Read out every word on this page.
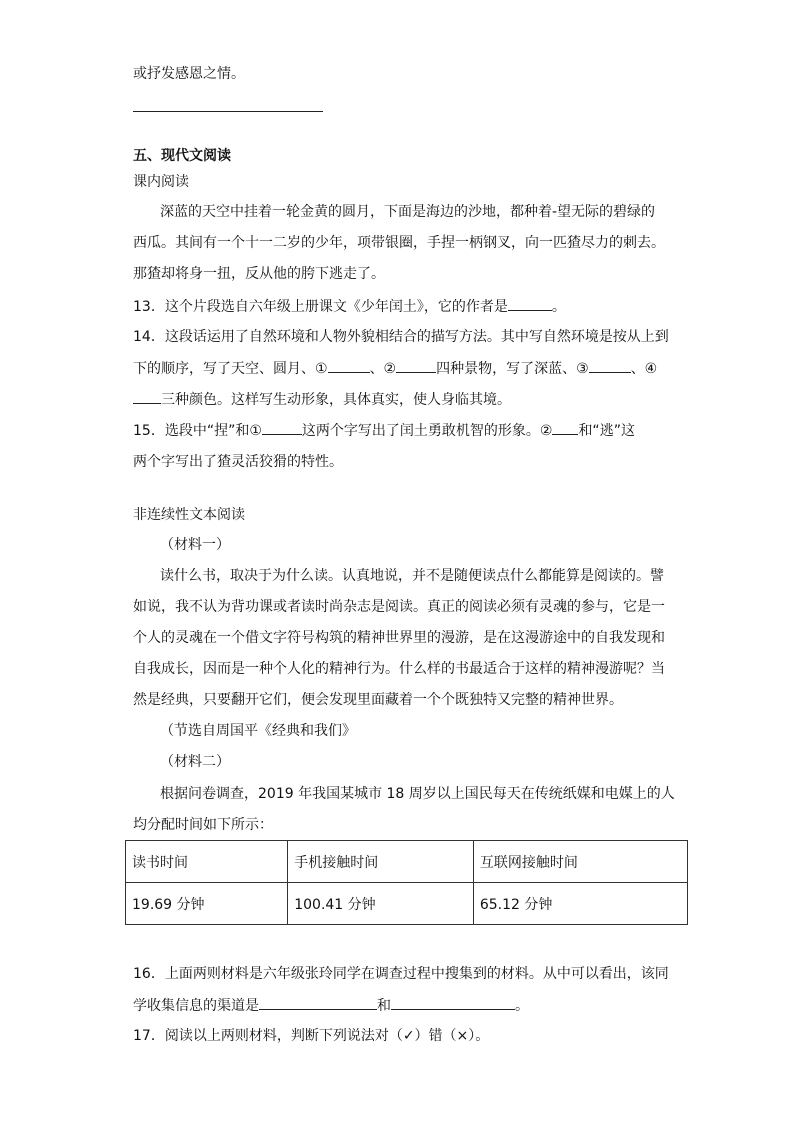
或抒发感恩之情。
五、现代文阅读
课内阅读
深蓝的天空中挂着一轮金黄的圆月，下面是海边的沙地，都种着-望无际的碧绿的
西瓜。其间有一个十一二岁的少年，项带银圈，手捏一柄钢叉，向一匹猹尽力的刺去。
那猹却将身一扭，反从他的胯下逃走了。
13．这个片段选自六年级上册课文《少年闰土》，它的作者是	。
14．这段话运用了自然环境和人物外貌相结合的描写方法。其中写自然环境是按从上到
下的顺序，写了天空、圆月、①	、②	四种景物，写了深蓝、③	、④
三种颜色。这样写生动形象，具体真实，使人身临其境。
15．选段中“捏”和①	这两个字写出了闰土勇敢机智的形象。② 和“逃”这
两个字写出了猹灵活狡猾的特性。
非连续性文本阅读
（材料一）
读什么书，取决于为什么读。认真地说，并不是随便读点什么都能算是阅读的。譬
如说，我不认为背功课或者读时尚杂志是阅读。真正的阅读必须有灵魂的参与，它是一
个人的灵魂在一个借文字符号构筑的精神世界里的漫游，是在这漫游途中的自我发现和
自我成长，因而是一种个人化的精神行为。什么样的书最适合于这样的精神漫游呢？当
然是经典，只要翻开它们，便会发现里面藏着一个个既独特又完整的精神世界。
（节选自周国平《经典和我们》
（材料二）
根据问卷调查，2019 年我国某城市 18 周岁以上国民每天在传统纸媒和电媒上的人
均分配时间如下所示：
读书时间	手机接触时间	互联网接触时间
19.69 分钟	100.41 分钟	65.12 分钟
16．上面两则材料是六年级张玲同学在调查过程中搜集到的材料。从中可以看出，该同
学收集信息的渠道是	和	。
17．阅读以上两则材料，判断下列说法对（✓）错（×）。
